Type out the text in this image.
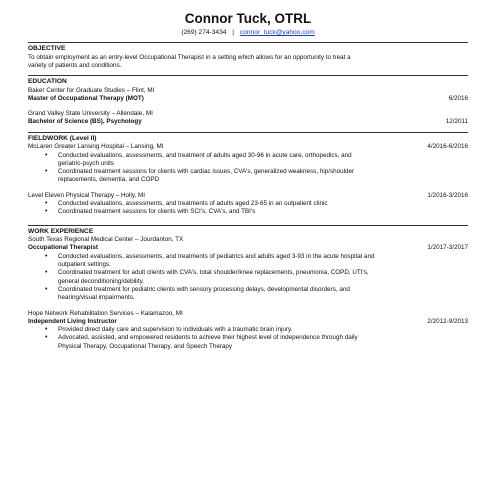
Connor Tuck, OTRL
(269) 274-3434 | connor_tuck@yahoo.com
OBJECTIVE
To obtain employment as an entry-level Occupational Therapist in a setting which allows for an opportunity to treat a
variety of patients and conditions.
EDUCATION
Baker Center for Graduate Studies – Flint, MI
Master of Occupational Therapy (MOT)	6/2016
Grand Valley State University – Allendale, MI
Bachelor of Science (BS), Psychology	12/2011
FIELDWORK (Level II)
McLaren Greater Lansing Hospital – Lansing, MI	4/2016-6/2016
• Conducted evaluations, assessments, and treatment of adults aged 30-96 in acute care, orthopedics, and
geriatric-psych units
• Coordinated treatment sessions for clients with cardiac issues, CVA's, generalized weakness, hip/shoulder
replacements, dementia, and COPD
Level Eleven Physical Therapy – Holly, MI	1/2016-3/2016
• Conducted evaluations, assessments, and treatments of adults aged 23-65 in an outpatient clinic
• Coordinated treatment sessions for clients with SCI's, CVA's, and TBI's
WORK EXPERIENCE
South Texas Regional Medical Center – Jourdanton, TX
Occupational Therapist	1/2017-3/2017
• Conducted evaluations, assessments, and treatments of pediatrics and adults aged 3-93 in the acute hospital and
outpatient settings.
• Coordinated treatment for adult clients with CVA's, total shoulder/knee replacements, pneumonia, COPD, UTI's,
general deconditioning/debility.
• Coordinated treatment for pediatric clients with sensory processing delays, developmental disorders, and
hearing/visual impairments.
Hope Network Rehabilitation Services – Kalamazoo, MI
Independent Living Instructor	2/2012-9/2013
• Provided direct daily care and supervision to individuals with a traumatic brain injury.
• Advocated, assisted, and empowered residents to achieve their highest level of independence through daily
Physical Therapy, Occupational Therapy, and Speech Therapy
